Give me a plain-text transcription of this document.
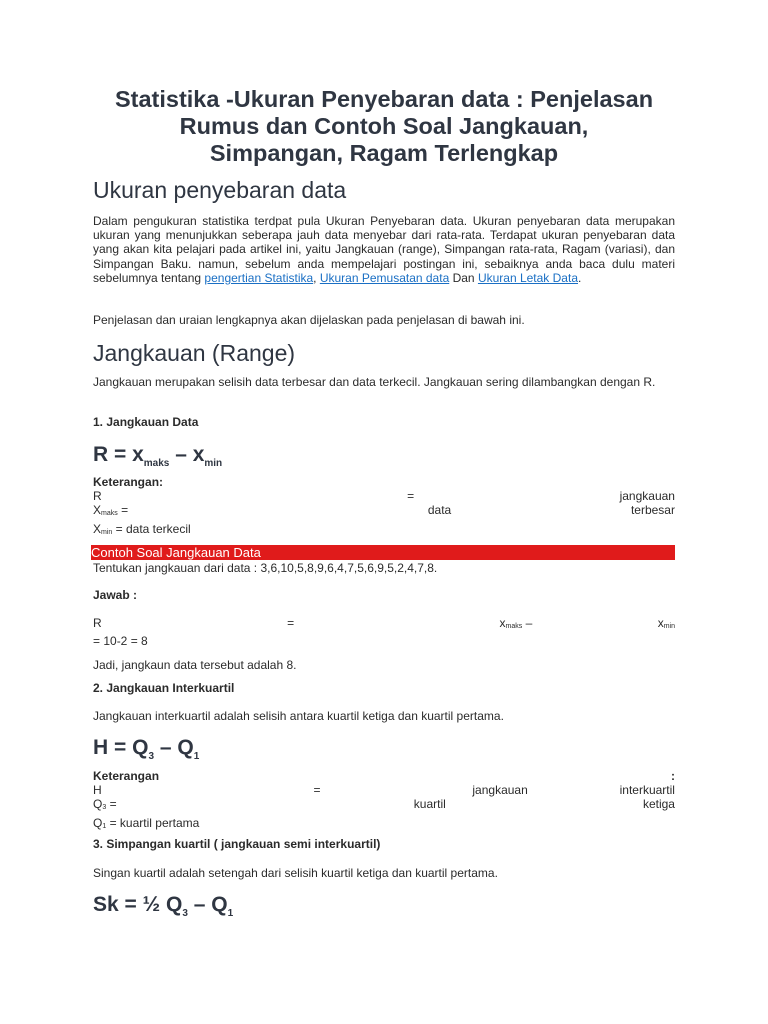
Statistika -Ukuran Penyebaran data : Penjelasan

Rumus dan Contoh Soal Jangkauan,

Simpangan, Ragam Terlengkap

Ukuran penyebaran data

Dalam pengukuran statistika terdpat pula Ukuran Penyebaran data. Ukuran penyebaran data merupakan ukuran yang menunjukkan seberapa jauh data menyebar dari rata-rata. Terdapat ukuran penyebaran data yang akan kita pelajari pada artikel ini, yaitu Jangkauan (range), Simpangan rata-rata, Ragam (variasi), dan Simpangan Baku. namun, sebelum anda mempelajari postingan ini, sebaiknya anda baca dulu materi sebelumnya tentang pengertian Statistika, Ukuran Pemusatan data Dan Ukuran Letak Data.

Penjelasan dan uraian lengkapnya akan dijelaskan pada penjelasan di bawah ini.

Jangkauan (Range)

Jangkauan merupakan selisih data terbesar dan data terkecil. Jangkauan sering dilambangkan dengan R.

1. Jangkauan Data

$R = x_{maks} - x_{min}$

Keterangan:

R	=	jangkauan
Xmaks =	data	terbesar
Xmin = data terkecil
Contoh Soal Jangkauan Data

Tentukan jangkauan dari data : 3,6,10,5,8,9,6,4,7,5,6,9,5,2,4,7,8.

Jawab :

R	=	xmaks –	xmin

= 10-2 = 8

Jadi, jangkaun data tersebut adalah 8.

2. Jangkauan Interkuartil

Jangkauan interkuartil adalah selisih antara kuartil ketiga dan kuartil pertama.

$H = Q_3 - Q_1$

Keterangan	:
H	=	jangkauan	interkuartil
Q3 =	kuartil	ketiga
Q1 = kuartil pertama

3. Simpangan kuartil ( jangkauan semi interkuartil)

Singan kuartil adalah setengah dari selisih kuartil ketiga dan kuartil pertama.

Sk = ½ $Q_3 - Q_1$
